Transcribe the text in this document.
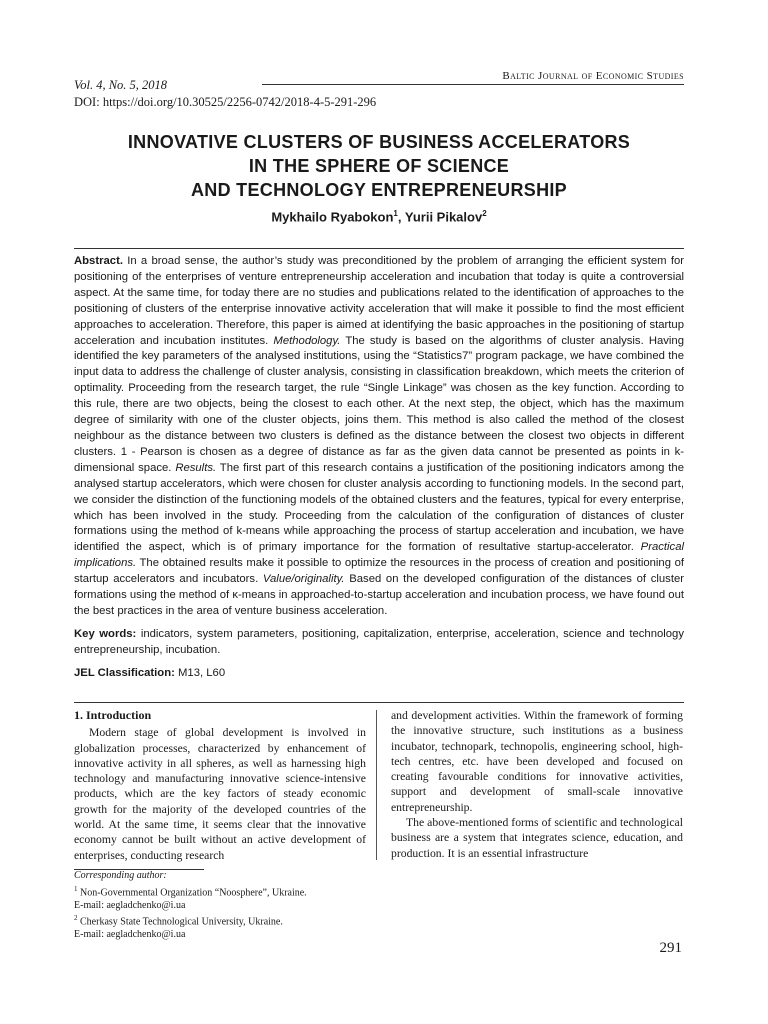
Vol. 4, No. 5, 2018
DOI: https://doi.org/10.30525/2256-0742/2018-4-5-291-296
Baltic Journal of Economic Studies
INNOVATIVE CLUSTERS OF BUSINESS ACCELERATORS
IN THE SPHERE OF SCIENCE
AND TECHNOLOGY ENTREPRENEURSHIP
Mykhailo Ryabokon$^1$, Yurii Pikalov$^2$

Abstract. In a broad sense, the author’s study was preconditioned by the problem of arranging the efficient system for positioning of the enterprises of venture entrepreneurship acceleration and incubation that today is quite a controversial aspect. At the same time, for today there are no studies and publications related to the identification of approaches to the positioning of clusters of the enterprise innovative activity acceleration that will make it possible to find the most efficient approaches to acceleration. Therefore, this paper is aimed at identifying the basic approaches in the positioning of startup acceleration and incubation institutes. Methodology. The study is based on the algorithms of cluster analysis. Having identified the key parameters of the analysed institutions, using the “Statistics7” program package, we have combined the input data to address the challenge of cluster analysis, consisting in classification breakdown, which meets the criterion of optimality. Proceeding from the research target, the rule “Single Linkage” was chosen as the key function. According to this rule, there are two objects, being the closest to each other. At the next step, the object, which has the maximum degree of similarity with one of the cluster objects, joins them. This method is also called the method of the closest neighbour as the distance between two clusters is defined as the distance between the closest two objects in different clusters. 1 - Pearson is chosen as a degree of distance as far as the given data cannot be presented as points in k-dimensional space. Results. The first part of this research contains a justification of the positioning indicators among the analysed startup accelerators, which were chosen for cluster analysis according to functioning models. In the second part, we consider the distinction of the functioning models of the obtained clusters and the features, typical for every enterprise, which has been involved in the study. Proceeding from the calculation of the configuration of distances of cluster formations using the method of k-means while approaching the process of startup acceleration and incubation, we have identified the aspect, which is of primary importance for the formation of resultative startup-accelerator. Practical implications. The obtained results make it possible to optimize the resources in the process of creation and positioning of startup accelerators and incubators. Value/originality. Based on the developed configuration of the distances of cluster formations using the method of κ-means in approached-to-startup acceleration and incubation process, we have found out the best practices in the area of venture business acceleration.

Key words: indicators, system parameters, positioning, capitalization, enterprise, acceleration, science and technology entrepreneurship, incubation.

JEL Classification: M13, L60

1. Introduction

Modern stage of global development is involved in globalization processes, characterized by enhancement of innovative activity in all spheres, as well as harnessing high technology and manufacturing innovative science-intensive products, which are the key factors of steady economic growth for the majority of the developed countries of the world. At the same time, it seems clear that the innovative economy cannot be built without an active development of enterprises, conducting research

and development activities. Within the framework of forming the innovative structure, such institutions as a business incubator, technopark, technopolis, engineering school, high-tech centres, etc. have been developed and focused on creating favourable conditions for innovative activities, support and development of small-scale innovative entrepreneurship.

The above-mentioned forms of scientific and technological business are a system that integrates science, education, and production. It is an essential infrastructure

Corresponding author:
$^1$ Non-Governmental Organization “Noosphere”, Ukraine.
E-mail: aegladchenko@i.ua
$^2$ Cherkasy State Technological University, Ukraine.
E-mail: aegladchenko@i.ua
291
